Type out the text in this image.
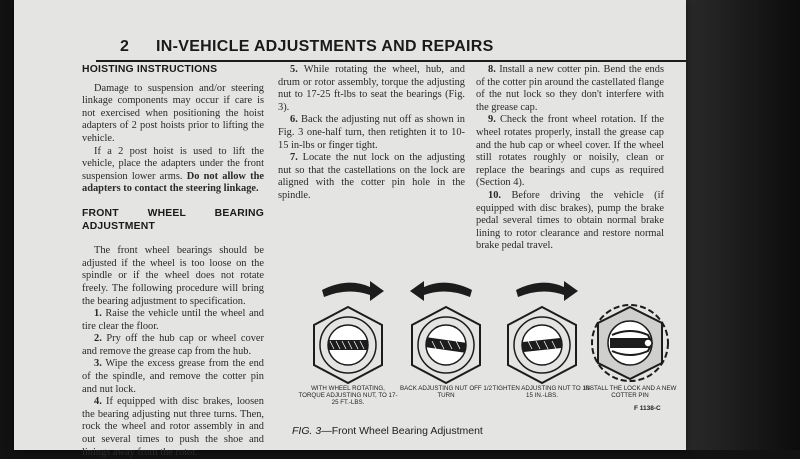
2 IN-VEHICLE ADJUSTMENTS AND REPAIRS

HOISTING INSTRUCTIONS

Damage to suspension and/or steering linkage components may occur if care is not exercised when positioning the hoist adapters of 2 post hoists prior to lifting the vehicle.

If a 2 post hoist is used to lift the vehicle, place the adapters under the front suspension lower arms. Do not allow the adapters to contact the steering linkage.

FRONT WHEEL BEARING ADJUSTMENT

The front wheel bearings should be adjusted if the wheel is too loose on the spindle or if the wheel does not rotate freely. The following procedure will bring the bearing adjustment to specification.

1. Raise the vehicle until the wheel and tire clear the floor.

2. Pry off the hub cap or wheel cover and remove the grease cap from the hub.

3. Wipe the excess grease from the end of the spindle, and remove the cotter pin and nut lock.

4. If equipped with disc brakes, loosen the bearing adjusting nut three turns. Then, rock the wheel and rotor assembly in and out several times to push the shoe and linings away from the rotor.

5. While rotating the wheel, hub, and drum or rotor assembly, torque the adjusting nut to 17-25 ft-lbs to seat the bearings (Fig. 3).

6. Back the adjusting nut off as shown in Fig. 3 one-half turn, then retighten it to 10-15 in-lbs or finger tight.

7. Locate the nut lock on the adjusting nut so that the castellations on the lock are aligned with the cotter pin hole in the spindle.

8. Install a new cotter pin. Bend the ends of the cotter pin around the castellated flange of the nut lock so they don't interfere with the grease cap.

9. Check the front wheel rotation. If the wheel rotates properly, install the grease cap and the hub cap or wheel cover. If the wheel still rotates roughly or noisily, clean or replace the bearings and cups as required (Section 4).

10. Before driving the vehicle (if equipped with disc brakes), pump the brake pedal several times to obtain normal brake lining to rotor clearance and restore normal brake pedal travel.

WITH WHEEL ROTATING, TORQUE ADJUSTING NUT, TO 17-25 FT.-LBS.
BACK ADJUSTING NUT OFF 1/2 TURN
TIGHTEN ADJUSTING NUT TO 10-15 IN.-LBS.
INSTALL THE LOCK AND A NEW COTTER PIN
F 1138-C
FIG. 3—Front Wheel Bearing Adjustment
